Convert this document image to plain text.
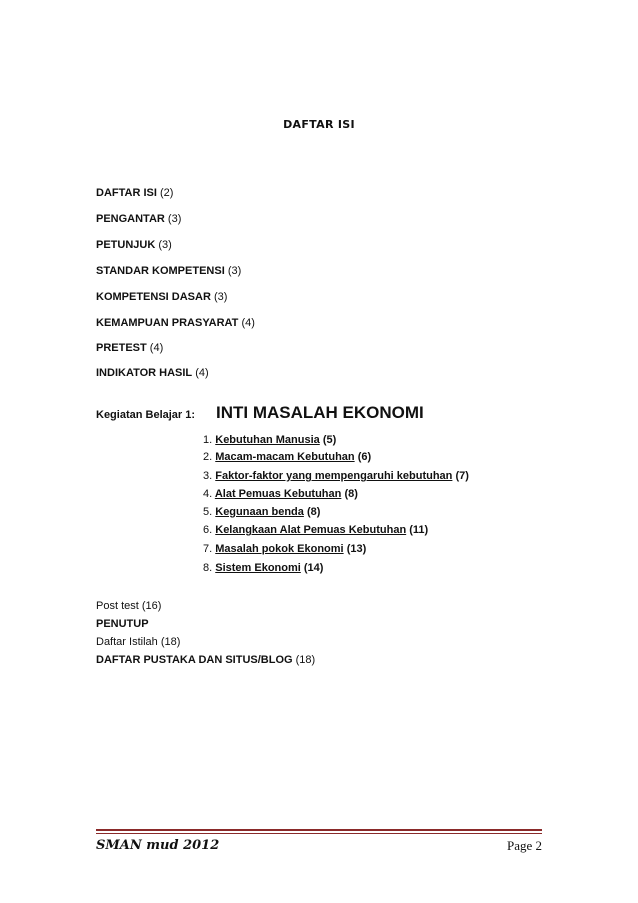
DAFTAR ISI
DAFTAR ISI (2)
PENGANTAR (3)
PETUNJUK (3)
STANDAR KOMPETENSI (3)
KOMPETENSI DASAR (3)
KEMAMPUAN PRASYARAT (4)
PRETEST (4)
INDIKATOR HASIL (4)
Kegiatan Belajar 1: INTI MASALAH EKONOMI
1. Kebutuhan Manusia (5)
2. Macam-macam Kebutuhan (6)
3. Faktor-faktor yang mempengaruhi kebutuhan (7)
4. Alat Pemuas Kebutuhan (8)
5. Kegunaan benda (8)
6. Kelangkaan Alat Pemuas Kebutuhan (11)
7. Masalah pokok Ekonomi (13)
8. Sistem Ekonomi (14)
Post test (16)
PENUTUP
Daftar Istilah (18)
DAFTAR PUSTAKA DAN SITUS/BLOG (18)
SMAN mud 2012	Page 2
